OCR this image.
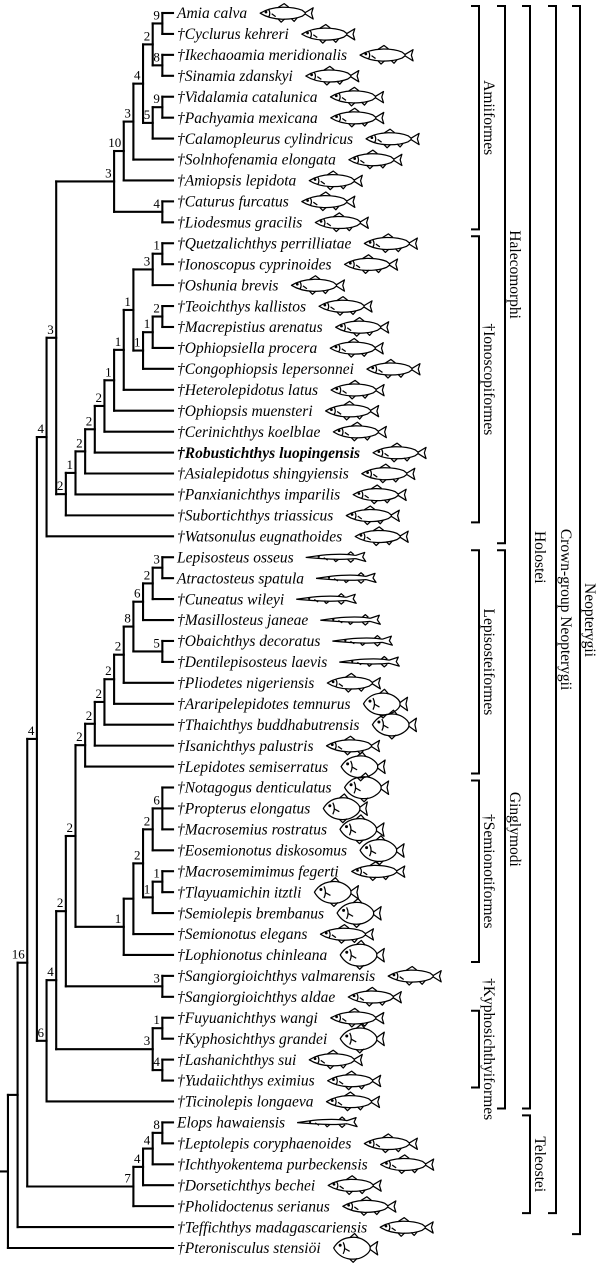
Amia calva
†Cyclurus kehreri
†Ikechaoamia meridionalis
†Sinamia zdanskyi
†Vidalamia catalunica
†Pachyamia mexicana
†Calamopleurus cylindricus
†Solnhofenamia elongata
†Amiopsis lepidota
†Caturus furcatus
†Liodesmus gracilis
†Quetzalichthys perrilliatae
†Ionoscopus cyprinoides
†Oshunia brevis
†Teoichthys kallistos
†Macrepistius arenatus
†Ophiopsiella procera
†Congophiopsis lepersonnei
†Heterolepidotus latus
†Ophiopsis muensteri
†Cerinichthys koelblae
†Robustichthys luopingensis
†Asialepidotus shingyiensis
†Panxianichthys imparilis
†Subortichthys triassicus
†Watsonulus eugnathoides
Lepisosteus osseus
Atractosteus spatula
†Cuneatus wileyi
†Masillosteus janeae
†Obaichthys decoratus
†Dentilepisosteus laevis
†Pliodetes nigeriensis
†Araripelepidotes temnurus
†Thaichthys buddhabutrensis
†Isanichthys palustris
†Lepidotes semiserratus
†Notagogus denticulatus
†Propterus elongatus
†Macrosemius rostratus
†Eosemionotus diskosomus
†Macrosemimimus fegerti
†Tlayuamichin itztli
†Semiolepis brembanus
†Semionotus elegans
†Lophionotus chinleana
†Sangiorgioichthys valmarensis
†Sangiorgioichthys aldae
†Fuyuanichthys wangi
†Kyphosichthys grandei
†Lashanichthys sui
†Yudaiichthys eximius
†Ticinolepis longaeva
Elops hawaiensis
†Leptolepis coryphaenoides
†Ichthyokentema purbeckensis
†Dorsetichthys bechei
†Pholidoctenus serianus
†Teffichthys madagascariensis
†Pteronisculus stensiöi
16
4
4
3
3
10
3
4
2
9
8
5
9
4
2
1
2
2
2
1
1
1
3
1
1
1
2
6
4
2
2
2
2
2
2
2
8
6
2
3
5
1
2
2
6
1
1
3
3
1
4
7
4
4
8
Amiiformes
†Ionoscopiformes
Halecomorphi
Lepisosteiformes
†Semionotiformes
†Kyphosichthyiformes
Ginglymodi
Holostei
Teleostei
Crown-group Neopterygii Neopterygii
